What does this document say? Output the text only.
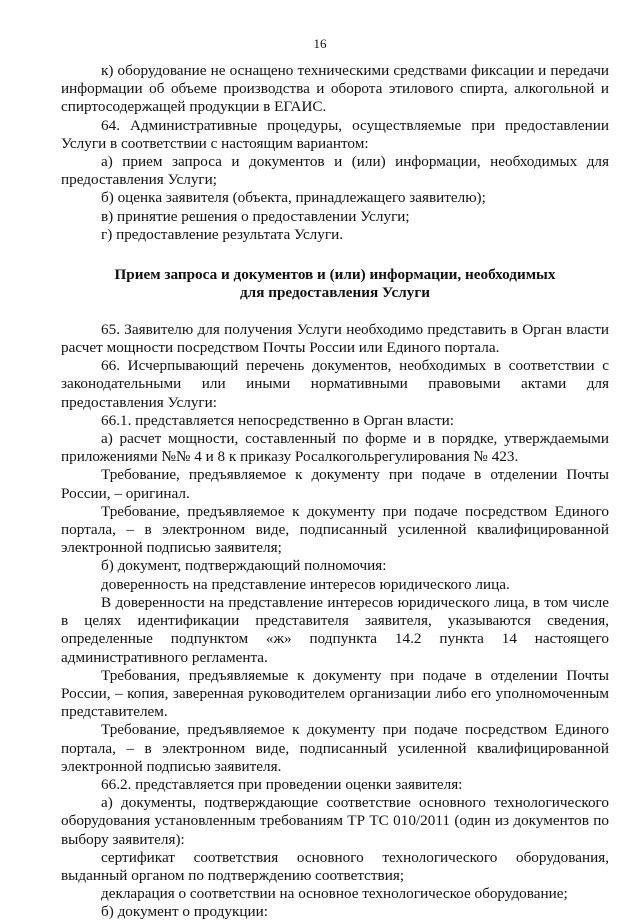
16

к) оборудование не оснащено техническими средствами фиксации и передачи информации об объеме производства и оборота этилового спирта, алкогольной и спиртосодержащей продукции в ЕГАИС.

64. Административные процедуры, осуществляемые при предоставлении Услуги в соответствии с настоящим вариантом:

а) прием запроса и документов и (или) информации, необходимых для предоставления Услуги;

б) оценка заявителя (объекта, принадлежащего заявителю);

в) принятие решения о предоставлении Услуги;

г) предоставление результата Услуги.

Прием запроса и документов и (или) информации, необходимых для предоставления Услуги

65. Заявителю для получения Услуги необходимо представить в Орган власти расчет мощности посредством Почты России или Единого портала.

66. Исчерпывающий перечень документов, необходимых в соответствии с законодательными или иными нормативными правовыми актами для предоставления Услуги:

66.1. представляется непосредственно в Орган власти:

а) расчет мощности, составленный по форме и в порядке, утверждаемыми приложениями №№ 4 и 8 к приказу Росалкогольрегулирования № 423.

Требование, предъявляемое к документу при подаче в отделении Почты России, – оригинал.

Требование, предъявляемое к документу при подаче посредством Единого портала, – в электронном виде, подписанный усиленной квалифицированной электронной подписью заявителя;

б) документ, подтверждающий полномочия:

доверенность на представление интересов юридического лица.

В доверенности на представление интересов юридического лица, в том числе в целях идентификации представителя заявителя, указываются сведения, определенные подпунктом «ж» подпункта 14.2 пункта 14 настоящего административного регламента.

Требования, предъявляемые к документу при подаче в отделении Почты России, – копия, заверенная руководителем организации либо его уполномоченным представителем.

Требование, предъявляемое к документу при подаче посредством Единого портала, – в электронном виде, подписанный усиленной квалифицированной электронной подписью заявителя.

66.2. представляется при проведении оценки заявителя:

а) документы, подтверждающие соответствие основного технологического оборудования установленным требованиям ТР ТС 010/2011 (один из документов по выбору заявителя):

сертификат соответствия основного технологического оборудования, выданный органом по подтверждению соответствия;

декларация о соответствии на основное технологическое оборудование;

б) документ о продукции:
